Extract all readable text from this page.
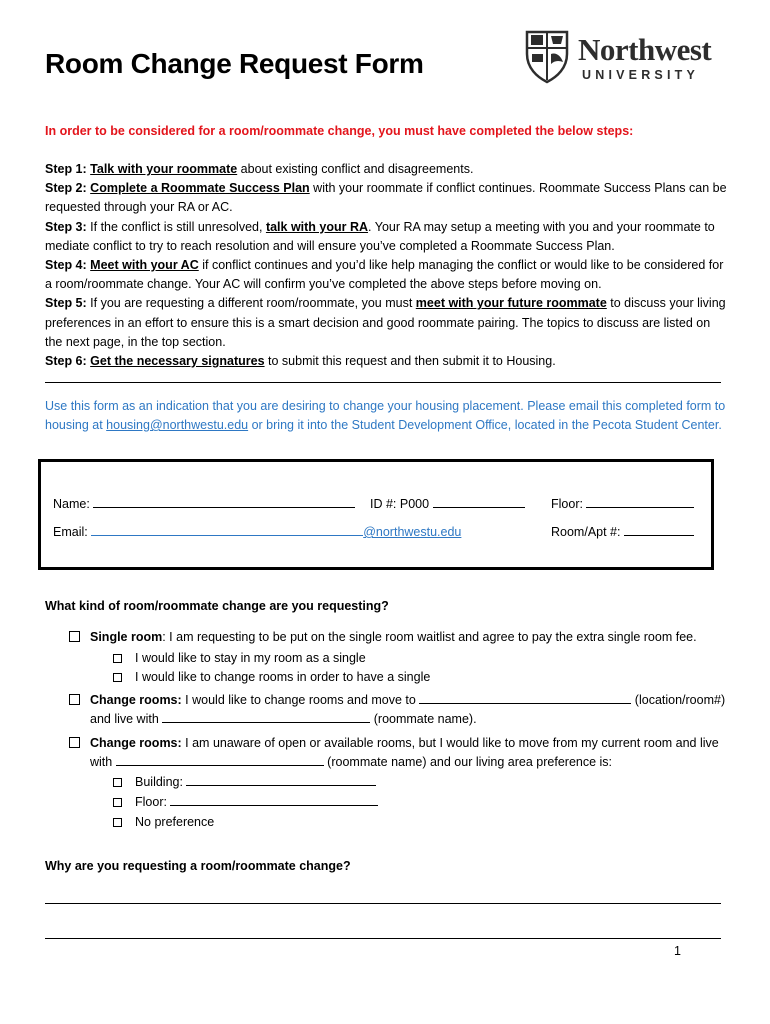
Room Change Request Form	Northwest
UNIVERSITY
In order to be considered for a room/roommate change, you must have completed the below steps:

Step 1: Talk with your roommate about existing conflict and disagreements.

Step 2: Complete a Roommate Success Plan with your roommate if conflict continues. Roommate Success Plans can be requested through your RA or AC.

Step 3: If the conflict is still unresolved, talk with your RA. Your RA may setup a meeting with you and your roommate to mediate conflict to try to reach resolution and will ensure you’ve completed a Roommate Success Plan.

Step 4: Meet with your AC if conflict continues and you’d like help managing the conflict or would like to be considered for a room/roommate change. Your AC will confirm you’ve completed the above steps before moving on.

Step 5: If you are requesting a different room/roommate, you must meet with your future roommate to discuss your living preferences in an effort to ensure this is a smart decision and good roommate pairing. The topics to discuss are listed on the next page, in the top section.

Step 6: Get the necessary signatures to submit this request and then submit it to Housing.

Use this form as an indication that you are desiring to change your housing placement. Please email this completed form to housing at housing@northwestu.edu or bring it into the Student Development Office, located in the Pecota Student Center.
Name:	ID #: P000	Floor:
Email:	@northwestu.edu	Room/Apt #:
What kind of room/roommate change are you requesting?
Single room: I am requesting to be put on the single room waitlist and agree to pay the extra single room fee.
I would like to stay in my room as a single
I would like to change rooms in order to have a single
Change rooms: I would like to change rooms and move to	(location/room#)
and live with	(roommate name).
Change rooms: I am unaware of open or available rooms, but I would like to move from my current room and live
with	(roommate name) and our living area preference is:
Building:
Floor:
No preference
Why are you requesting a room/roommate change?
1
